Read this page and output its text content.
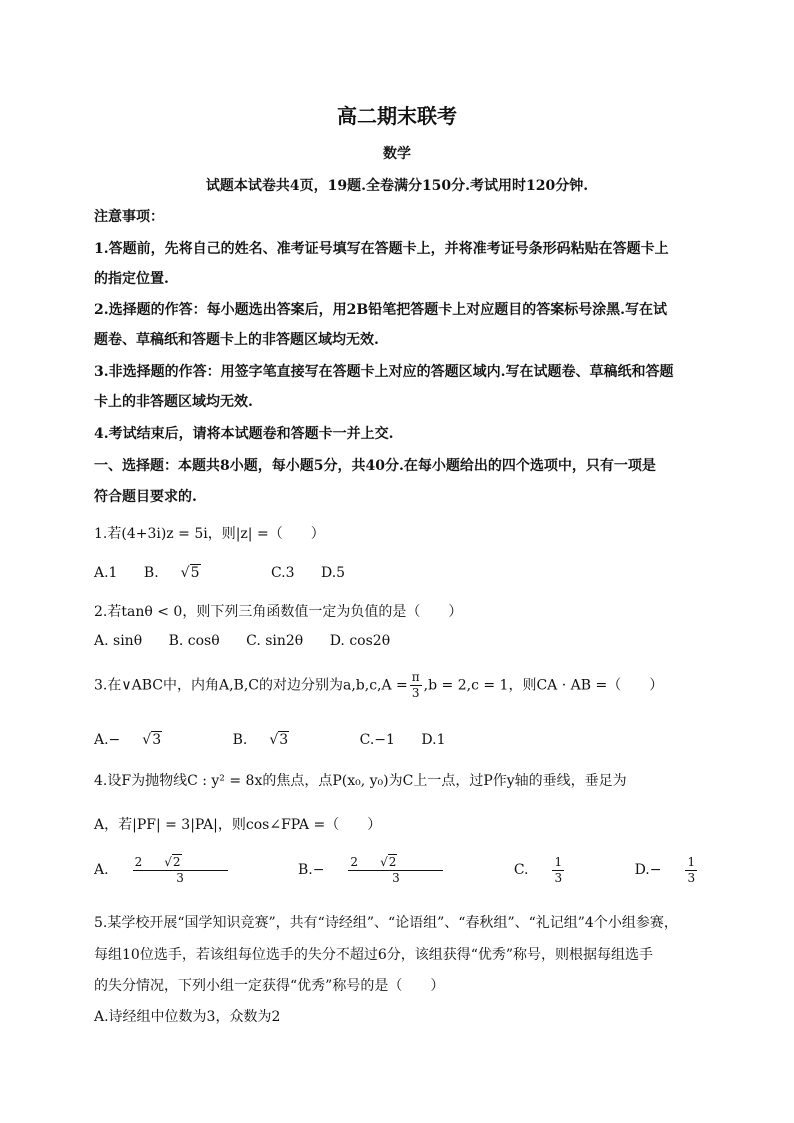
高二期末联考
数学
试题本试卷共4页，19题.全卷满分150分.考试用时120分钟.
注意事项：
1.答题前，先将自己的姓名、准考证号填写在答题卡上，并将准考证号条形码粘贴在答题卡上
的指定位置.
2.选择题的作答：每小题选出答案后，用2B铅笔把答题卡上对应题目的答案标号涂黑.写在试
题卷、草稿纸和答题卡上的非答题区域均无效.
3.非选择题的作答：用签字笔直接写在答题卡上对应的答题区域内.写在试题卷、草稿纸和答题
卡上的非答题区域均无效.
4.考试结束后，请将本试题卷和答题卡一并上交.
一、选择题：本题共8小题，每小题5分，共40分.在每小题给出的四个选项中，只有一项是
符合题目要求的.
1.若(4+3i)z = 5i，则|z| =（　　）
A.1 B. √5	C.3 D.5
2.若tanθ < 0，则下列三角函数值一定为负值的是（　　）
A. sinθ B. cosθ C. sin2θ D. cos2θ
3.在∨ABC中，内角A,B,C的对边分别为$a,b,c,A = \frac{\pi}{3} ,b = 2,c = 1$，则CA · AB =（　　）
A.− √3	B. √3	C.−1 D.1
4.设F为抛物线C : y² = 8x的焦点，点P(x₀, y₀)为C上一点，过P作y轴的垂线，垂足为
A，若|PF| = 3|PA|，则cos∠FPA =（　　）
A. $\frac{2 √2}{3}$	$B.- \frac{2 √2}{3}$	C. $\frac{1}{3}$	$D.- \frac{1}{3}$
5.某学校开展“国学知识竞赛”，共有“诗经组”、“论语组”、“春秋组”、“礼记组”4个小组参赛，
每组10位选手，若该组每位选手的失分不超过6分，该组获得“优秀”称号，则根据每组选手
的失分情况，下列小组一定获得“优秀”称号的是（　　）
A.诗经组中位数为3，众数为2
